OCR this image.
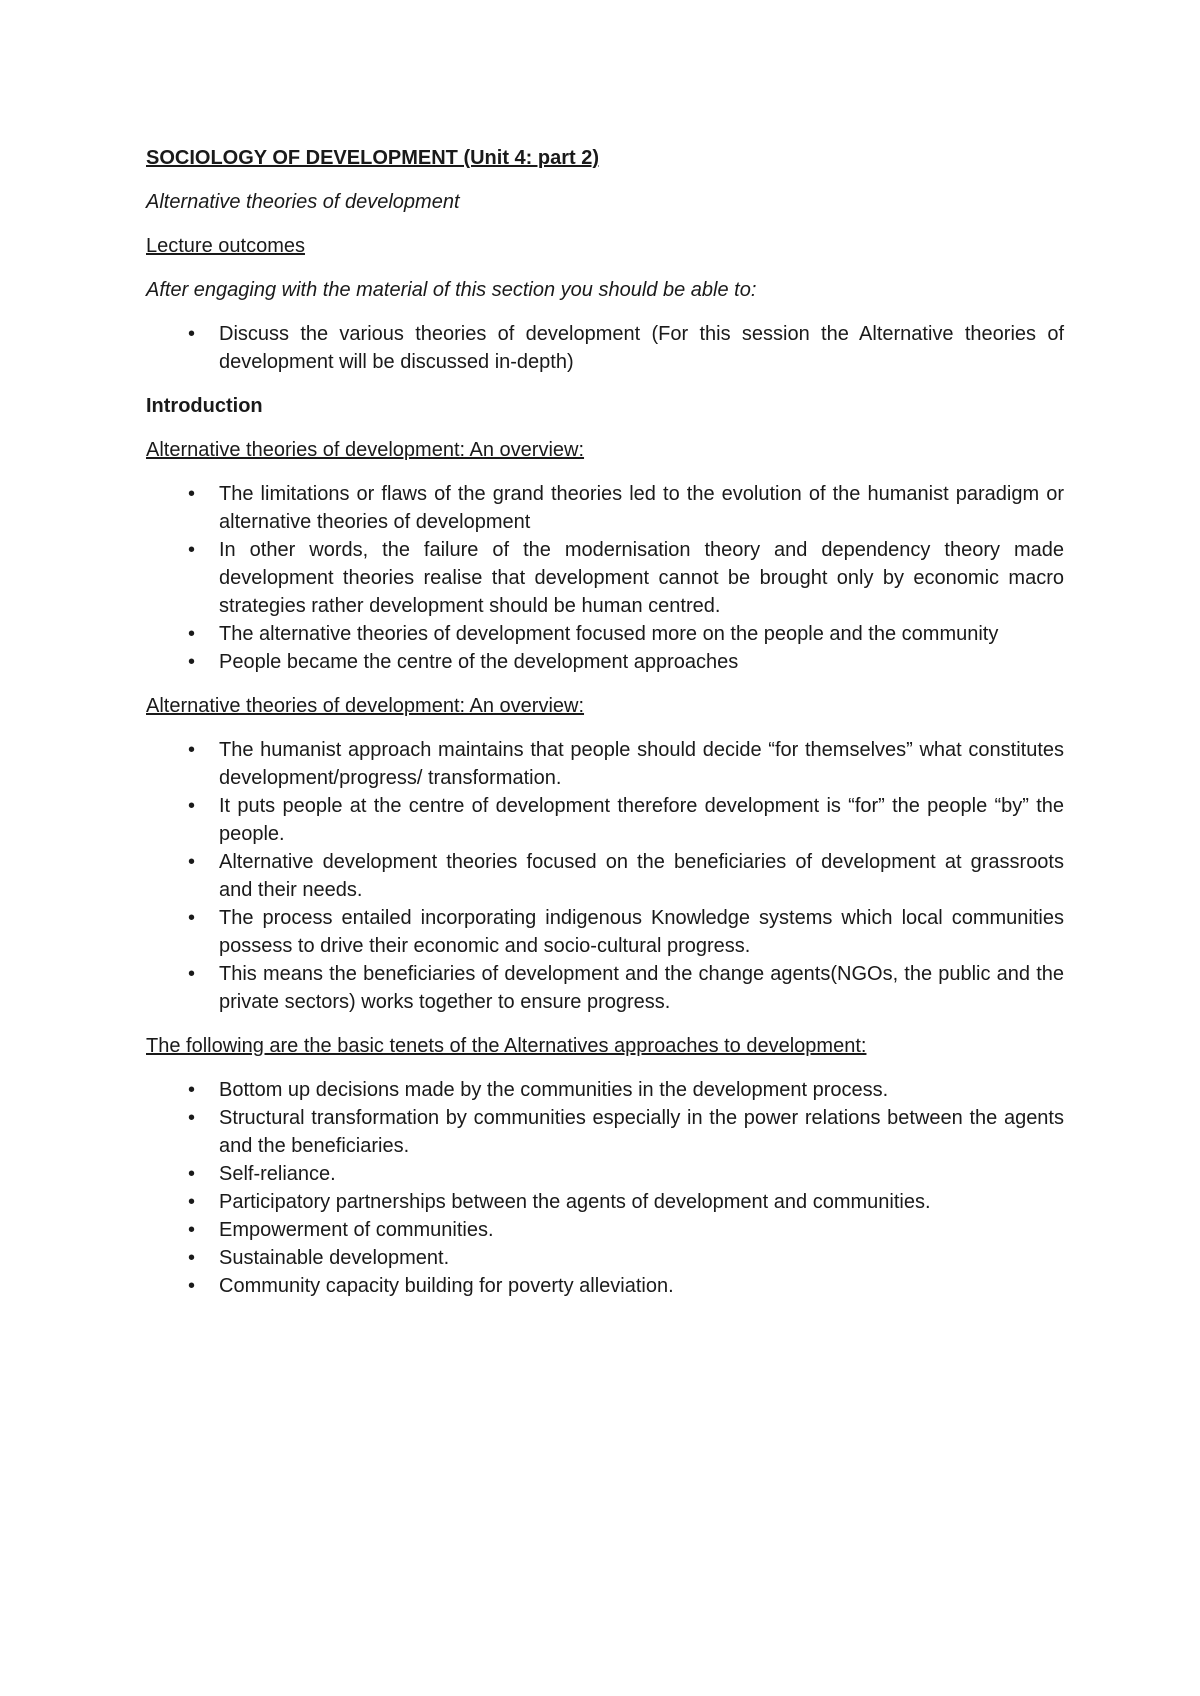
SOCIOLOGY OF DEVELOPMENT (Unit 4: part 2)

Alternative theories of development

Lecture outcomes

After engaging with the material of this section you should be able to:

• Discuss the various theories of development (For this session the Alternative theories of development will be discussed in-depth)

Introduction

Alternative theories of development: An overview:

• The limitations or flaws of the grand theories led to the evolution of the humanist paradigm or alternative theories of development
• In other words, the failure of the modernisation theory and dependency theory made development theories realise that development cannot be brought only by economic macro strategies rather development should be human centred.
• The alternative theories of development focused more on the people and the community
• People became the centre of the development approaches

Alternative theories of development: An overview:

• The humanist approach maintains that people should decide “for themselves” what constitutes development/progress/ transformation.
• It puts people at the centre of development therefore development is “for” the people “by” the people.
• Alternative development theories focused on the beneficiaries of development at grassroots and their needs.
• The process entailed incorporating indigenous Knowledge systems which local communities possess to drive their economic and socio-cultural progress.
• This means the beneficiaries of development and the change agents(NGOs, the public and the private sectors) works together to ensure progress.

The following are the basic tenets of the Alternatives approaches to development:

• Bottom up decisions made by the communities in the development process.
• Structural transformation by communities especially in the power relations between the agents and the beneficiaries.
• Self-reliance.
• Participatory partnerships between the agents of development and communities.
• Empowerment of communities.
• Sustainable development.
• Community capacity building for poverty alleviation.
